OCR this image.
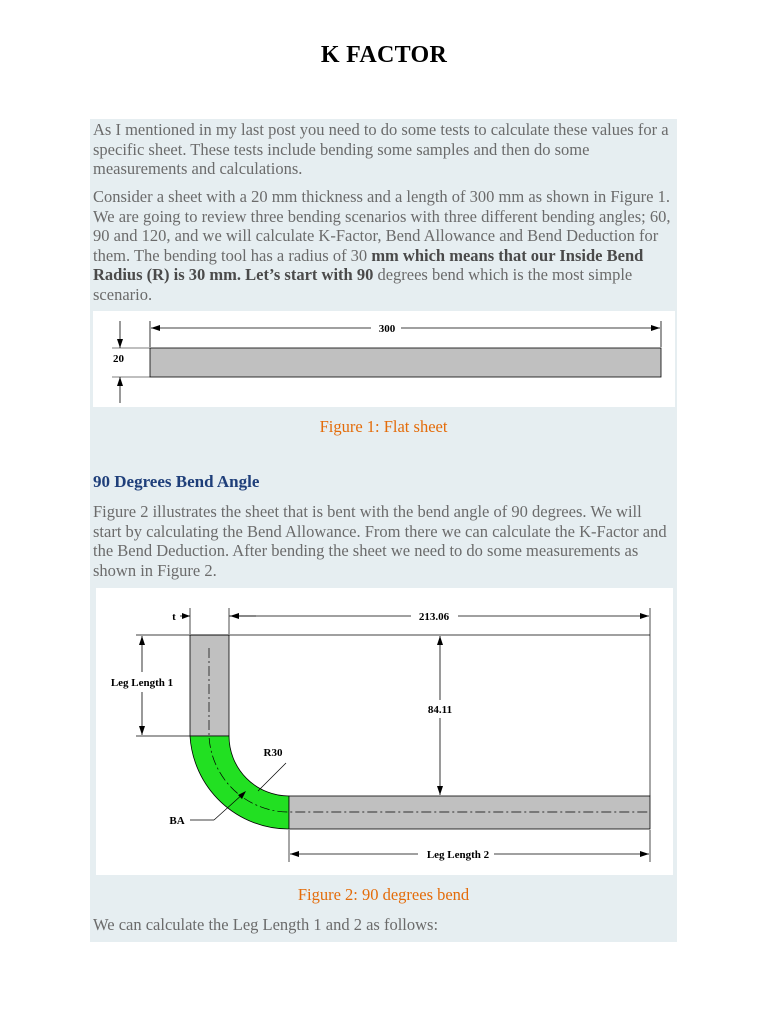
K FACTOR

As I mentioned in my last post you need to do some tests to calculate these values for a specific sheet. These tests include bending some samples and then do some measurements and calculations.

Consider a sheet with a 20 mm thickness and a length of 300 mm as shown in Figure 1. We are going to review three bending scenarios with three different bending angles; 60, 90 and 120, and we will calculate K-Factor, Bend Allowance and Bend Deduction for them. The bending tool has a radius of 30 mm which means that our Inside Bend Radius (R) is 30 mm. Let’s start with 90 degrees bend which is the most simple scenario.

300
20
Figure 1: Flat sheet
90 Degrees Bend Angle

Figure 2 illustrates the sheet that is bent with the bend angle of 90 degrees. We will start by calculating the Bend Allowance. From there we can calculate the K-Factor and the Bend Deduction. After bending the sheet we need to do some measurements as shown in Figure 2.

t	213.06
Leg Length 1
84.11
R30
BA
Leg Length 2
Figure 2: 90 degrees bend

We can calculate the Leg Length 1 and 2 as follows:
